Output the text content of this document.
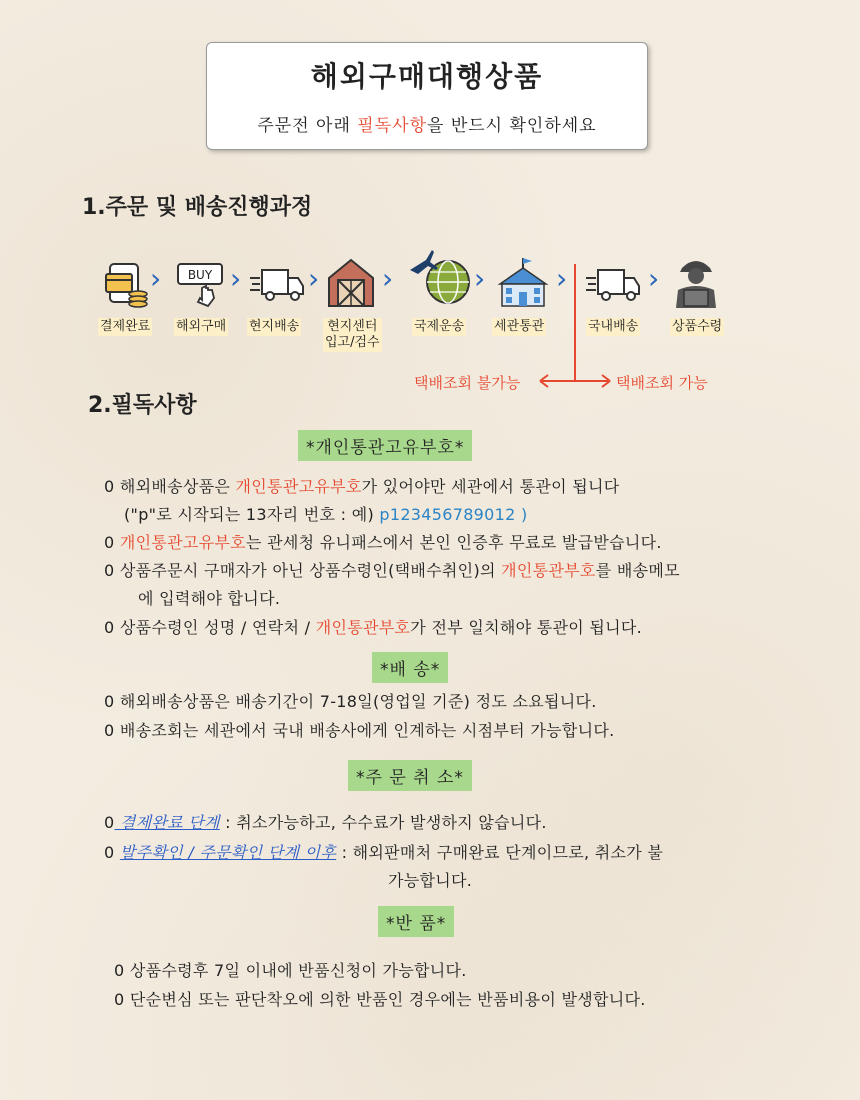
해외구매대행상품
주문전 아래 필독사항을 반드시 확인하세요
1.주문 및 배송진행과정
› BUY › › ›	›	›	›
결제완료 해외구매 현지배송 현지센터
입고/검수
국제운송 세관통관	국내배송	상품수령
택배조회 불가능	택배조회 가능
2.필독사항
*개인통관고유부호*
0 해외배송상품은 개인통관고유부호가 있어야만 세관에서 통관이 됩니다
("p"로 시작되는 13자리 번호 : 예) p123456789012 )
0 개인통관고유부호는 관세청 유니패스에서 본인 인증후 무료로 발급받습니다.
0 상품주문시 구매자가 아닌 상품수령인(택배수취인)의 개인통관부호를 배송메모
에 입력해야 합니다.
0 상품수령인 성명 / 연락처 / 개인통관부호가 전부 일치해야 통관이 됩니다.
*배 송*
0 해외배송상품은 배송기간이 7-18일(영업일 기준) 정도 소요됩니다.
0 배송조회는 세관에서 국내 배송사에게 인계하는 시점부터 가능합니다.
*주 문 취 소*
0 결제완료 단계 : 취소가능하고, 수수료가 발생하지 않습니다.
0 발주확인 / 주문확인 단계 이후 : 해외판매처 구매완료 단계이므로, 취소가 불
가능합니다.
*반 품*
0 상품수령후 7일 이내에 반품신청이 가능합니다.
0 단순변심 또는 판단착오에 의한 반품인 경우에는 반품비용이 발생합니다.
